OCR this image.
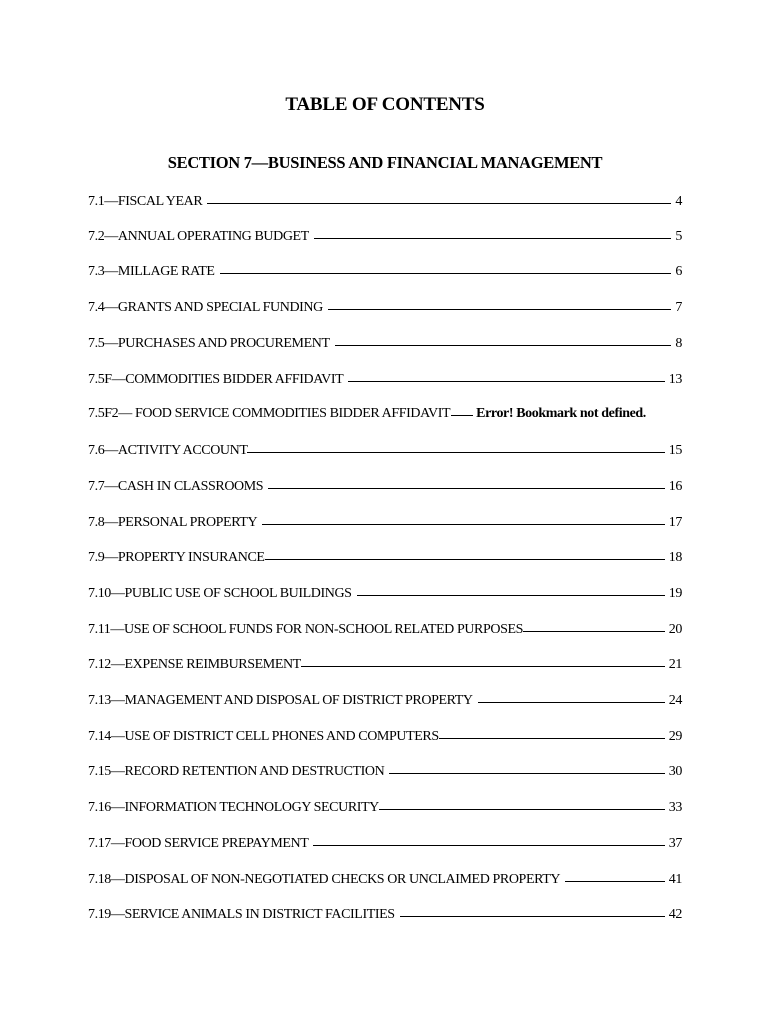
TABLE OF CONTENTS
SECTION 7—BUSINESS AND FINANCIAL MANAGEMENT
7.1—FISCAL YEAR	4
7.2—ANNUAL OPERATING BUDGET	5
7.3—MILLAGE RATE	6
7.4—GRANTS AND SPECIAL FUNDING	7
7.5—PURCHASES AND PROCUREMENT	8
7.5F—COMMODITIES BIDDER AFFIDAVIT	13
7.5F2— FOOD SERVICE COMMODITIES BIDDER AFFIDAVIT Error! Bookmark not defined.
7.6—ACTIVITY ACCOUNT	15
7.7—CASH IN CLASSROOMS	16
7.8—PERSONAL PROPERTY	17
7.9—PROPERTY INSURANCE	18
7.10—PUBLIC USE OF SCHOOL BUILDINGS	19
7.11—USE OF SCHOOL FUNDS FOR NON-SCHOOL RELATED PURPOSES	20
7.12—EXPENSE REIMBURSEMENT	21
7.13—MANAGEMENT AND DISPOSAL OF DISTRICT PROPERTY	24
7.14—USE OF DISTRICT CELL PHONES AND COMPUTERS	29
7.15—RECORD RETENTION AND DESTRUCTION	30
7.16—INFORMATION TECHNOLOGY SECURITY	33
7.17—FOOD SERVICE PREPAYMENT	37
7.18—DISPOSAL OF NON-NEGOTIATED CHECKS OR UNCLAIMED PROPERTY	41
7.19—SERVICE ANIMALS IN DISTRICT FACILITIES	42
